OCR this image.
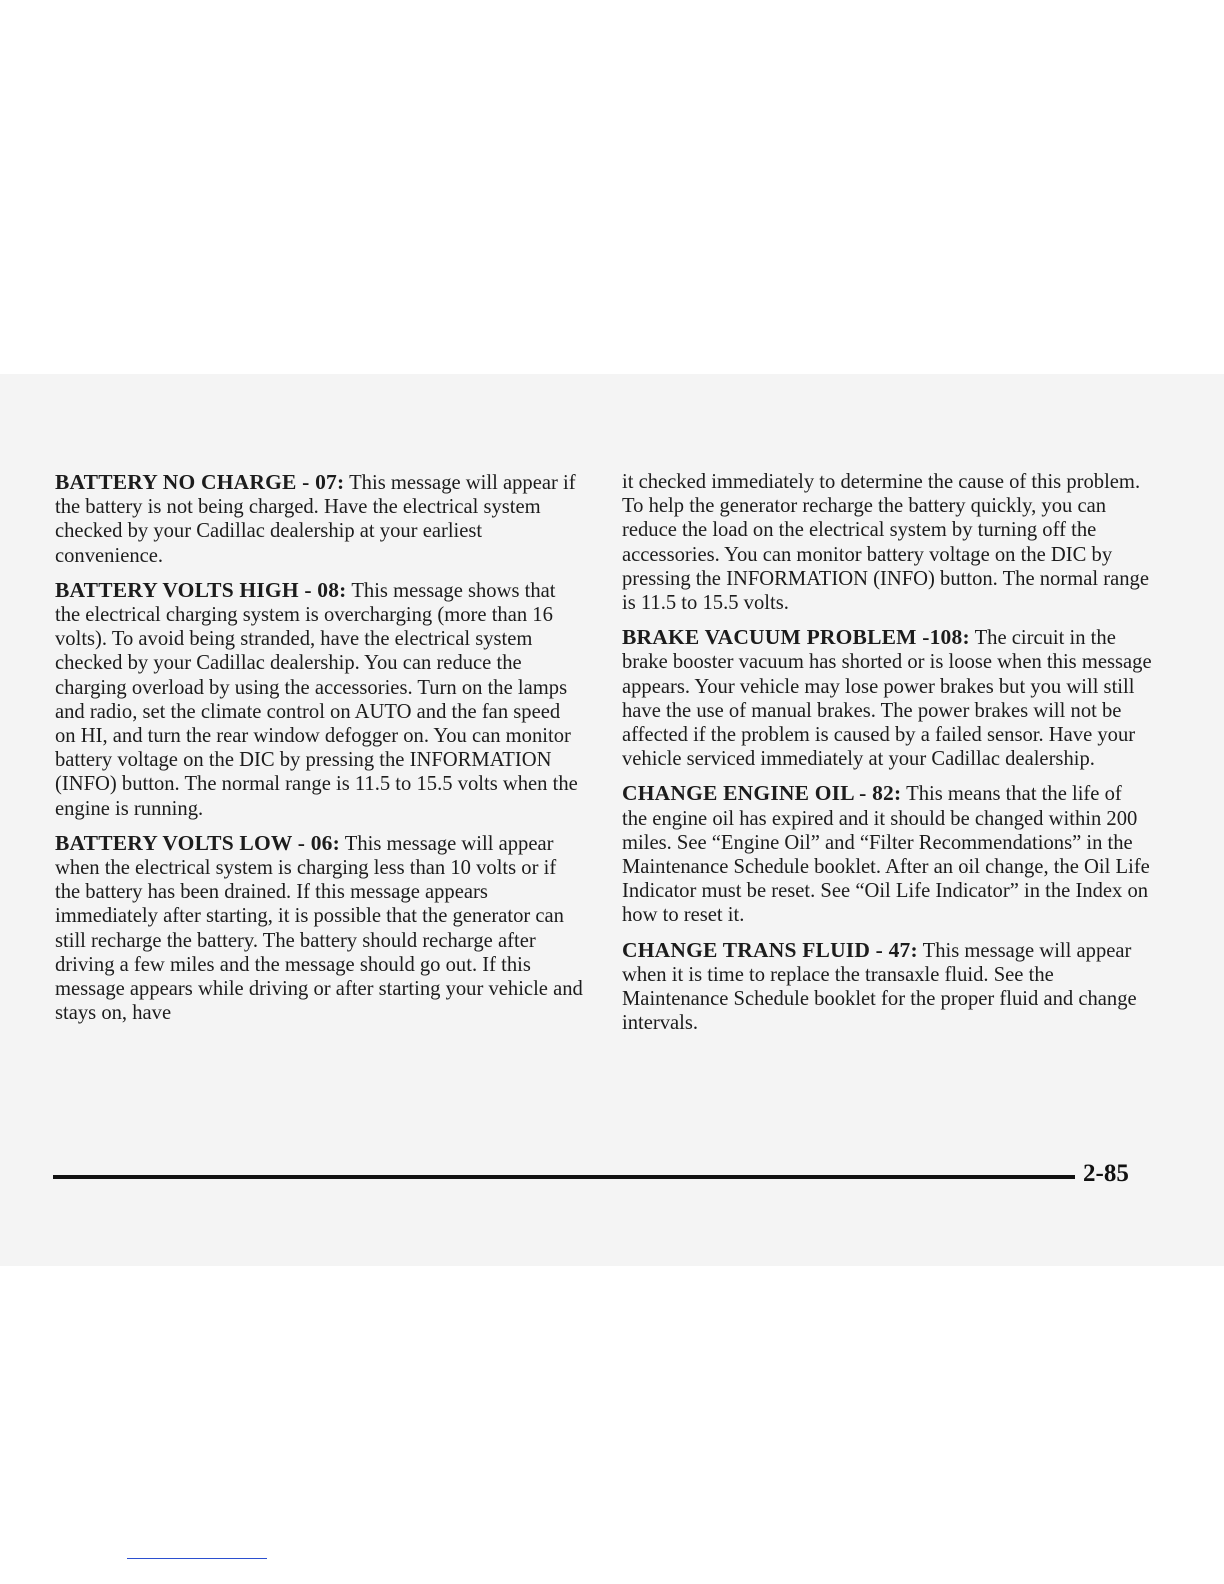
BATTERY NO CHARGE - 07: This message will appear if the battery is not being charged. Have the electrical system checked by your Cadillac dealership at your earliest convenience.

BATTERY VOLTS HIGH - 08: This message shows that the electrical charging system is overcharging (more than 16 volts). To avoid being stranded, have the electrical system checked by your Cadillac dealership. You can reduce the charging overload by using the accessories. Turn on the lamps and radio, set the climate control on AUTO and the fan speed on HI, and turn the rear window defogger on. You can monitor battery voltage on the DIC by pressing the INFORMATION (INFO) button. The normal range is 11.5 to 15.5 volts when the engine is running.

BATTERY VOLTS LOW - 06: This message will appear when the electrical system is charging less than 10 volts or if the battery has been drained. If this message appears immediately after starting, it is possible that the generator can still recharge the battery. The battery should recharge after driving a few miles and the message should go out. If this message appears while driving or after starting your vehicle and stays on, have

it checked immediately to determine the cause of this problem. To help the generator recharge the battery quickly, you can reduce the load on the electrical system by turning off the accessories. You can monitor battery voltage on the DIC by pressing the INFORMATION (INFO) button. The normal range is 11.5 to 15.5 volts.

BRAKE VACUUM PROBLEM -108: The circuit in the brake booster vacuum has shorted or is loose when this message appears. Your vehicle may lose power brakes but you will still have the use of manual brakes. The power brakes will not be affected if the problem is caused by a failed sensor. Have your vehicle serviced immediately at your Cadillac dealership.

CHANGE ENGINE OIL - 82: This means that the life of the engine oil has expired and it should be changed within 200 miles. See “Engine Oil” and “Filter Recommendations” in the Maintenance Schedule booklet. After an oil change, the Oil Life Indicator must be reset. See “Oil Life Indicator” in the Index on how to reset it.

CHANGE TRANS FLUID - 47: This message will appear when it is time to replace the transaxle fluid. See the Maintenance Schedule booklet for the proper fluid and change intervals.

2-85
